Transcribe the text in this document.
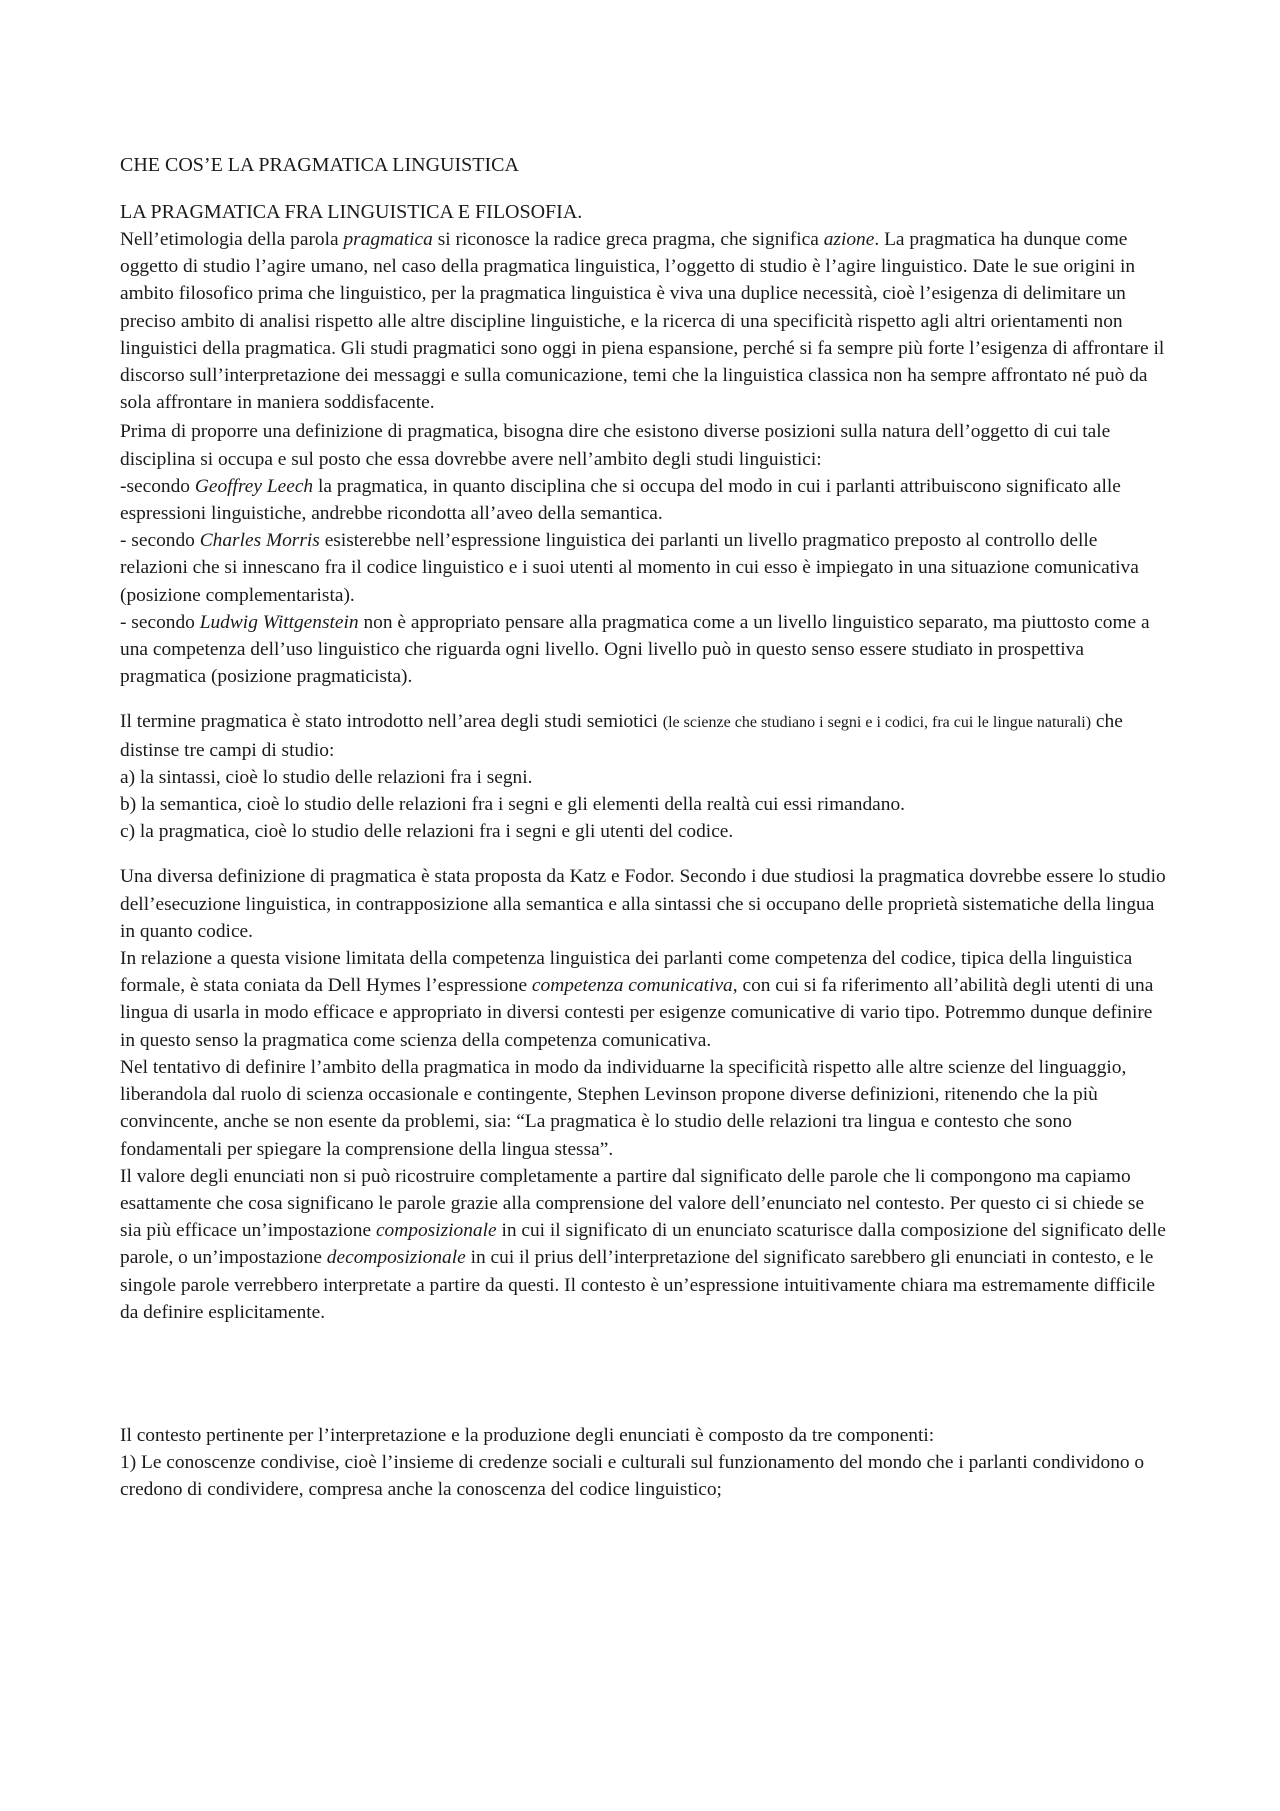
CHE COS’E LA PRAGMATICA LINGUISTICA
LA PRAGMATICA FRA LINGUISTICA E FILOSOFIA.

Nell’etimologia della parola pragmatica si riconosce la radice greca pragma, che significa azione. La pragmatica ha dunque come oggetto di studio l’agire umano, nel caso della pragmatica linguistica, l’oggetto di studio è l’agire linguistico. Date le sue origini in ambito filosofico prima che linguistico, per la pragmatica linguistica è viva una duplice necessità, cioè l’esigenza di delimitare un preciso ambito di analisi rispetto alle altre discipline linguistiche, e la ricerca di una specificità rispetto agli altri orientamenti non linguistici della pragmatica. Gli studi pragmatici sono oggi in piena espansione, perché si fa sempre più forte l’esigenza di affrontare il discorso sull’interpretazione dei messaggi e sulla comunicazione, temi che la linguistica classica non ha sempre affrontato né può da sola affrontare in maniera soddisfacente.

Prima di proporre una definizione di pragmatica, bisogna dire che esistono diverse posizioni sulla natura dell’oggetto di cui tale disciplina si occupa e sul posto che essa dovrebbe avere nell’ambito degli studi linguistici:

-secondo Geoffrey Leech la pragmatica, in quanto disciplina che si occupa del modo in cui i parlanti attribuiscono significato alle espressioni linguistiche, andrebbe ricondotta all’aveo della semantica.

- secondo Charles Morris esisterebbe nell’espressione linguistica dei parlanti un livello pragmatico preposto al controllo delle relazioni che si innescano fra il codice linguistico e i suoi utenti al momento in cui esso è impiegato in una situazione comunicativa (posizione complementarista).

- secondo Ludwig Wittgenstein non è appropriato pensare alla pragmatica come a un livello linguistico separato, ma piuttosto come a una competenza dell’uso linguistico che riguarda ogni livello. Ogni livello può in questo senso essere studiato in prospettiva pragmatica (posizione pragmaticista).

Il termine pragmatica è stato introdotto nell’area degli studi semiotici (le scienze che studiano i segni e i codici, fra cui le lingue naturali) che distinse tre campi di studio:

a) la sintassi, cioè lo studio delle relazioni fra i segni.

b) la semantica, cioè lo studio delle relazioni fra i segni e gli elementi della realtà cui essi rimandano.

c) la pragmatica, cioè lo studio delle relazioni fra i segni e gli utenti del codice.

Una diversa definizione di pragmatica è stata proposta da Katz e Fodor. Secondo i due studiosi la pragmatica dovrebbe essere lo studio dell’esecuzione linguistica, in contrapposizione alla semantica e alla sintassi che si occupano delle proprietà sistematiche della lingua in quanto codice.

In relazione a questa visione limitata della competenza linguistica dei parlanti come competenza del codice, tipica della linguistica formale, è stata coniata da Dell Hymes l’espressione competenza comunicativa, con cui si fa riferimento all’abilità degli utenti di una lingua di usarla in modo efficace e appropriato in diversi contesti per esigenze comunicative di vario tipo. Potremmo dunque definire in questo senso la pragmatica come scienza della competenza comunicativa.

Nel tentativo di definire l’ambito della pragmatica in modo da individuarne la specificità rispetto alle altre scienze del linguaggio, liberandola dal ruolo di scienza occasionale e contingente, Stephen Levinson propone diverse definizioni, ritenendo che la più convincente, anche se non esente da problemi, sia: “La pragmatica è lo studio delle relazioni tra lingua e contesto che sono fondamentali per spiegare la comprensione della lingua stessa”.

Il valore degli enunciati non si può ricostruire completamente a partire dal significato delle parole che li compongono ma capiamo esattamente che cosa significano le parole grazie alla comprensione del valore dell’enunciato nel contesto. Per questo ci si chiede se sia più efficace un’impostazione composizionale in cui il significato di un enunciato scaturisce dalla composizione del significato delle parole, o un’impostazione decomposizionale in cui il prius dell’interpretazione del significato sarebbero gli enunciati in contesto, e le singole parole verrebbero interpretate a partire da questi. Il contesto è un’espressione intuitivamente chiara ma estremamente difficile da definire esplicitamente.

Il contesto pertinente per l’interpretazione e la produzione degli enunciati è composto da tre componenti:

1) Le conoscenze condivise, cioè l’insieme di credenze sociali e culturali sul funzionamento del mondo che i parlanti condividono o credono di condividere, compresa anche la conoscenza del codice linguistico;
